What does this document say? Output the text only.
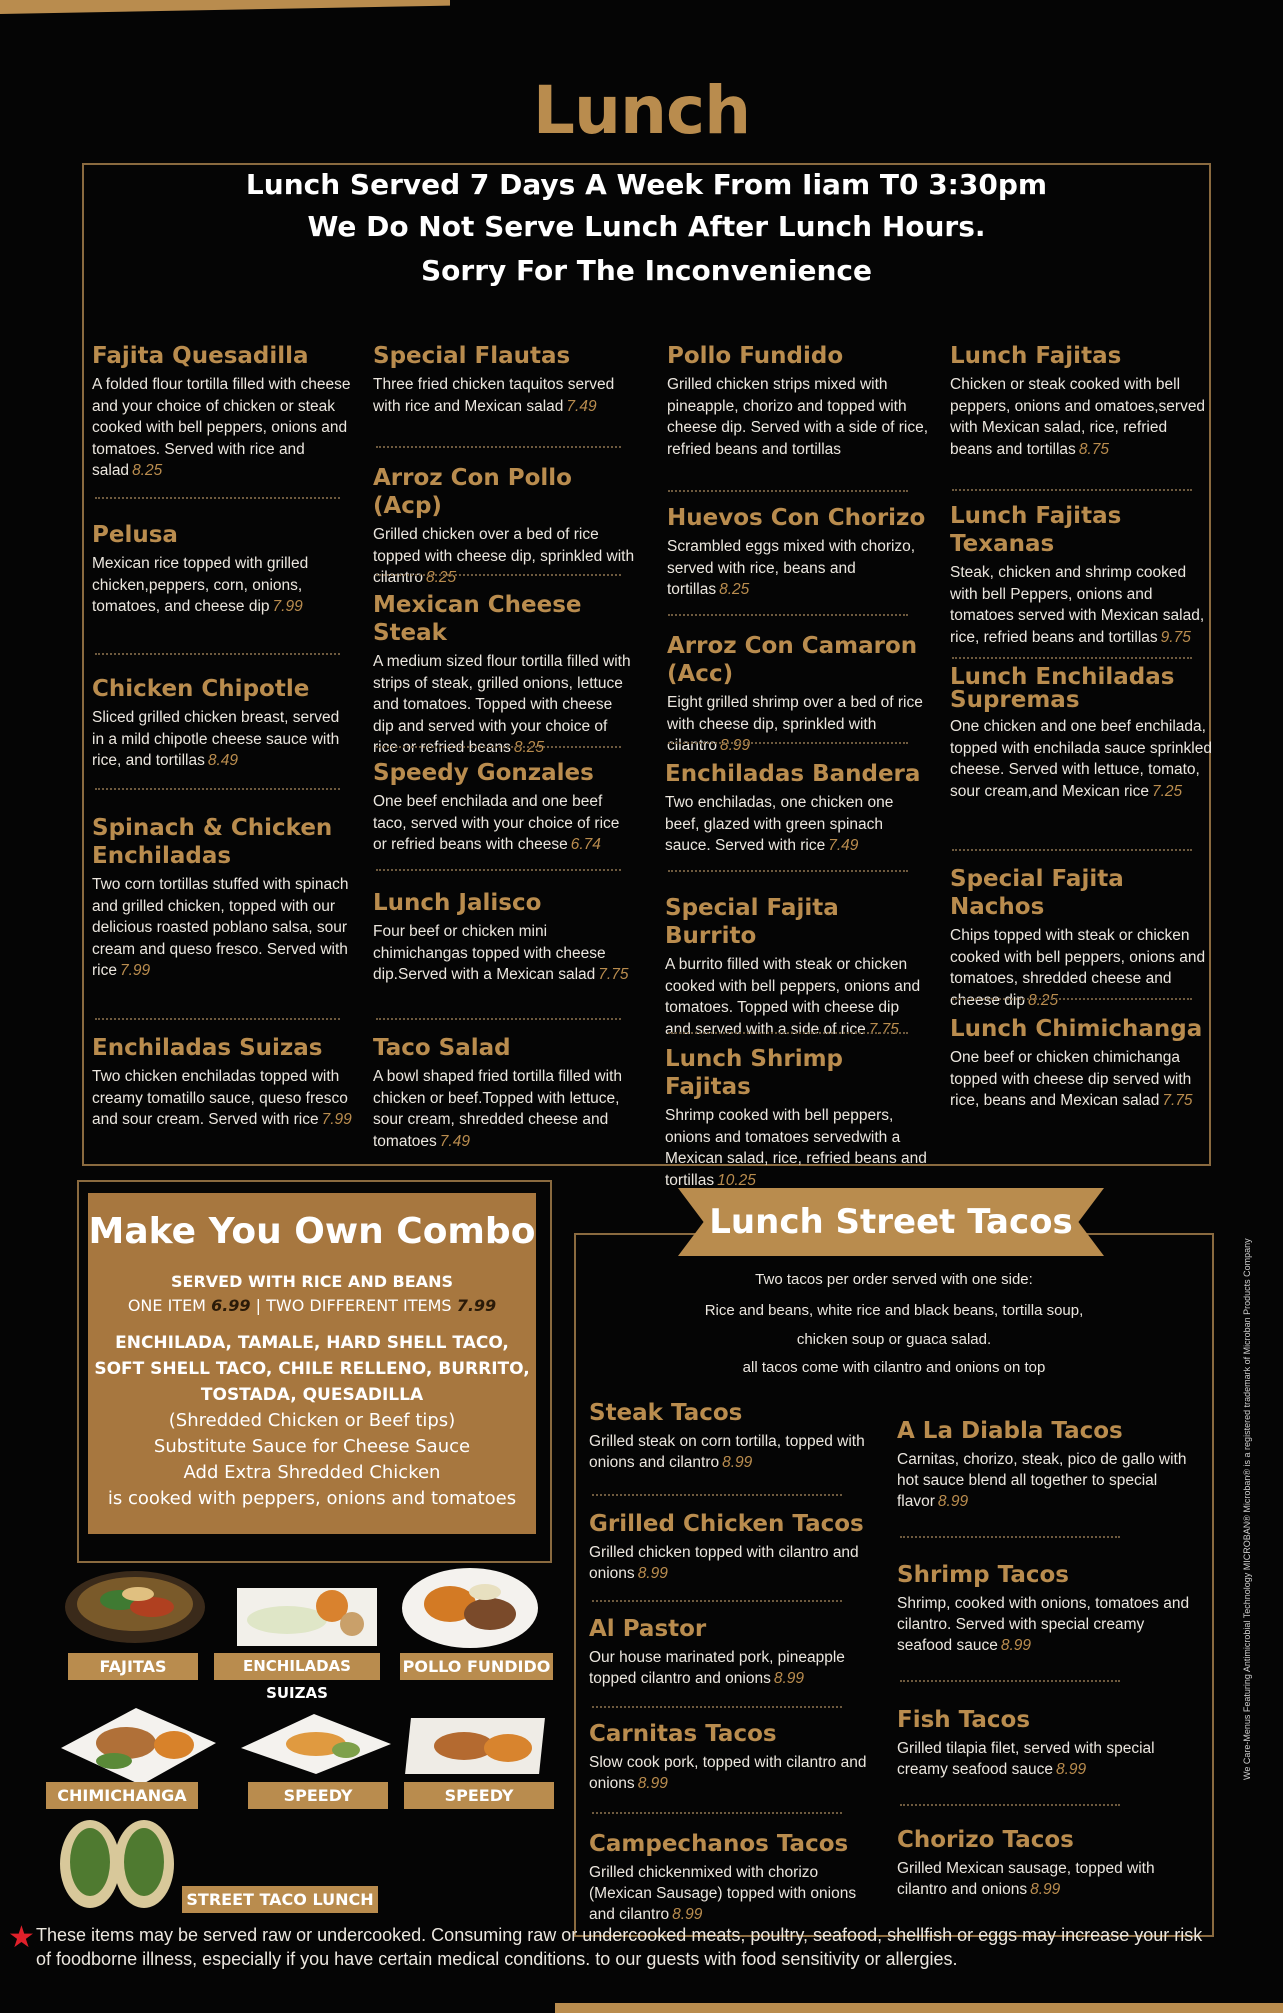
Lunch
Lunch Served 7 Days A Week From Iiam T0 3:30pm
We Do Not Serve Lunch After Lunch Hours.
Sorry For The Inconvenience
Fajita Quesadilla

A folded flour tortilla filled with cheese and your choice of chicken or steak cooked with bell peppers, onions and tomatoes. Served with rice and salad 8.25

Pelusa

Mexican rice topped with grilled chicken,peppers, corn, onions, tomatoes, and cheese dip 7.99

Chicken Chipotle

Sliced grilled chicken breast, served in a mild chipotle cheese sauce with rice, and tortillas 8.49

Spinach & Chicken Enchiladas

Two corn tortillas stuffed with spinach and grilled chicken, topped with our delicious roasted poblano salsa, sour cream and queso fresco. Served with rice 7.99

Enchiladas Suizas

Two chicken enchiladas topped with creamy tomatillo sauce, queso fresco and sour cream. Served with rice 7.99

Special Flautas

Three fried chicken taquitos served with rice and Mexican salad 7.49

Arroz Con Pollo (Acp)

Grilled chicken over a bed of rice topped with cheese dip, sprinkled with cilantro 8.25

Mexican Cheese Steak

A medium sized flour tortilla filled with strips of steak, grilled onions, lettuce and tomatoes. Topped with cheese dip and served with your choice of rice or refried beans 8.25

Speedy Gonzales

One beef enchilada and one beef taco, served with your choice of rice or refried beans with cheese 6.74

Lunch Jalisco

Four beef or chicken mini chimichangas topped with cheese dip.Served with a Mexican salad 7.75

Taco Salad

A bowl shaped fried tortilla filled with chicken or beef.Topped with lettuce, sour cream, shredded cheese and tomatoes 7.49

Pollo Fundido

Grilled chicken strips mixed with pineapple, chorizo and topped with cheese dip. Served with a side of rice, refried beans and tortillas

Huevos Con Chorizo

Scrambled eggs mixed with chorizo, served with rice, beans and tortillas 8.25

Arroz Con Camaron (Acc)

Eight grilled shrimp over a bed of rice with cheese dip, sprinkled with cilantro 8.99

Enchiladas Bandera

Two enchiladas, one chicken one beef, glazed with green spinach sauce. Served with rice 7.49

Special Fajita Burrito

A burrito filled with steak or chicken cooked with bell peppers, onions and tomatoes. Topped with cheese dip and served with a side of rice 7.75

Lunch Shrimp Fajitas

Shrimp cooked with bell peppers, onions and tomatoes servedwith a Mexican salad, rice, refried beans and tortillas 10.25

Lunch Fajitas

Chicken or steak cooked with bell peppers, onions and omatoes,served with Mexican salad, rice, refried beans and tortillas 8.75

Lunch Fajitas Texanas

Steak, chicken and shrimp cooked with bell Peppers, onions and tomatoes served with Mexican salad, rice, refried beans and tortillas 9.75

Lunch Enchiladas Supremas

One chicken and one beef enchilada, topped with enchilada sauce sprinkled cheese. Served with lettuce, tomato, sour cream,and Mexican rice 7.25

Special Fajita Nachos

Chips topped with steak or chicken cooked with bell peppers, onions and tomatoes, shredded cheese and cheese dip 8.25

Lunch Chimichanga

One beef or chicken chimichanga topped with cheese dip served with rice, beans and Mexican salad 7.75

Make You Own Combo
SERVED WITH RICE AND BEANS
ONE ITEM 6.99 | TWO DIFFERENT ITEMS 7.99
ENCHILADA, TAMALE, HARD SHELL TACO,
SOFT SHELL TACO, CHILE RELLENO, BURRITO,
TOSTADA, QUESADILLA
(Shredded Chicken or Beef tips)
Substitute Sauce for Cheese Sauce
Add Extra Shredded Chicken
is cooked with peppers, onions and tomatoes
FAJITAS	ENCHILADAS SUIZAS
POLLO FUNDIDO
CHIMICHANGA	SPEEDY	SPEEDY
STREET TACO LUNCH
Lunch Street Tacos
Two tacos per order served with one side:
Rice and beans, white rice and black beans, tortilla soup,
chicken soup or guaca salad.
all tacos come with cilantro and onions on top
Steak Tacos

Grilled steak on corn tortilla, topped with onions and cilantro 8.99

Grilled Chicken Tacos

Grilled chicken topped with cilantro and onions 8.99

Al Pastor

Our house marinated pork, pineapple topped cilantro and onions 8.99

Carnitas Tacos

Slow cook pork, topped with cilantro and onions 8.99

Campechanos Tacos

Grilled chickenmixed with chorizo (Mexican Sausage) topped with onions and cilantro 8.99

A La Diabla Tacos

Carnitas, chorizo, steak, pico de gallo with hot sauce blend all together to special flavor 8.99

Shrimp Tacos

Shrimp, cooked with onions, tomatoes and cilantro. Served with special creamy seafood sauce 8.99

Fish Tacos

Grilled tilapia filet, served with special creamy seafood sauce 8.99

Chorizo Tacos

Grilled Mexican sausage, topped with cilantro and onions 8.99

★ These items may be served raw or undercooked. Consuming raw or undercooked meats, poultry, seafood, shellfish or eggs may increase your risk of foodborne illness, especially if you have certain medical conditions. to our guests with food sensitivity or allergies.
We Care-Menus Featuring Antimicrobial Technology MICROBAN® Microban® is a registered trademark of Microban Products Company
